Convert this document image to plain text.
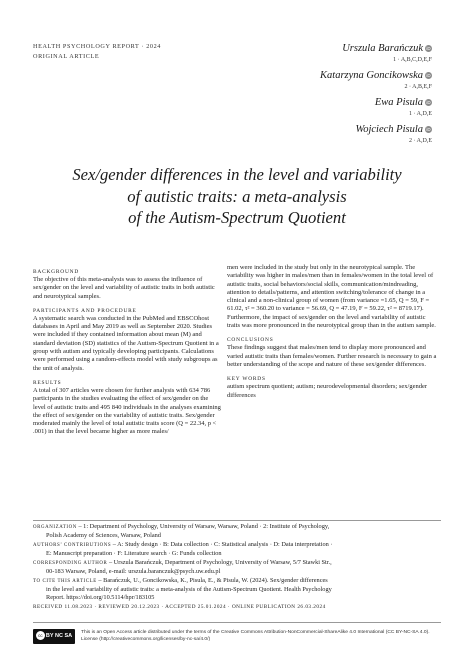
HEALTH PSYCHOLOGY REPORT · 2024
ORIGINAL ARTICLE
Urszula Barańczuk iD
1 · A,B,C,D,E,F
Katarzyna Goncikowska iD
2 · A,B,E,F
Ewa Pisula iD
1 · A,D,E
Wojciech Pisula iD
2 · A,D,E
Sex/gender differences in the level and variability
of autistic traits: a meta-analysis
of the Autism-Spectrum Quotient
BACKGROUND
The objective of this meta-analysis was to assess the influence of sex/gender on the level and variability of autistic traits in both autistic and neurotypical samples.
PARTICIPANTS AND PROCEDURE
A systematic search was conducted in the PubMed and EBSCOhost databases in April and May 2019 as well as September 2020. Studies were included if they contained information about mean (M) and standard deviation (SD) statistics of the Autism-Spectrum Quotient in a group with autism and typically developing participants. Calculations were performed using a random-effects model with study subgroups as the unit of analysis.
RESULTS
A total of 307 articles were chosen for further analysis with 634 786 participants in the studies evaluating the effect of sex/gender on the level of autistic traits and 495 840 individuals in the analyses examining the effect of sex/gender on the variability of autistic traits. Sex/gender moderated mainly the level of total autistic traits score (Q = 22.34, p < .001) in that the level became higher as more males/
men were included in the study but only in the neurotypical sample. The variability was higher in males/men than in females/women in the total level of autistic traits, social behaviors/social skills, communication/mindreading, attention to details/patterns, and attention switching/tolerance of change in a clinical and a non-clinical group of women (from variance =1.65, Q = 59, F = 61.02, τ² = 360.20 to variance = 56.69, Q = 47.19, F = 59.22, τ² = 8719.17). Furthermore, the impact of sex/gender on the level and variability of autistic traits was more pronounced in the neurotypical group than in the autism sample.
CONCLUSIONS
These findings suggest that males/men tend to display more pronounced and varied autistic traits than females/women. Further research is necessary to gain a better understanding of the scope and nature of these sex/gender differences.
KEY WORDS
autism spectrum quotient; autism; neurodevelopmental disorders; sex/gender differences
ORGANIZATION – 1: Department of Psychology, University of Warsaw, Warsaw, Poland · 2: Institute of Psychology,
Polish Academy of Sciences, Warsaw, Poland
AUTHORS’ CONTRIBUTIONS – A: Study design · B: Data collection · C: Statistical analysis · D: Data interpretation ·
E: Manuscript preparation · F: Literature search · G: Funds collection
CORRESPONDING AUTHOR – Urszula Barańczuk, Department of Psychology, University of Warsaw, 5/7 Stawki Str.,
00-183 Warsaw, Poland, e-mail: urszula.baranczuk@psych.uw.edu.pl
TO CITE THIS ARTICLE – Barańczuk, U., Goncikowska, K., Pisula, E., & Pisula, W. (2024). Sex/gender differences
in the level and variability of autistic traits: a meta-analysis of the Autism-Spectrum Quotient. Health Psychology
Report. https://doi.org/10.5114/hpr/183105
RECEIVED 11.08.2023 · REVIEWED 20.12.2023 · ACCEPTED 25.01.2024 · ONLINE PUBLICATION 26.03.2024
cc BY NC SA
This is an Open Access article distributed under the terms of the Creative Commons Attribution-NonCommercial-ShareAlike 4.0 International (CC BY-NC-SA 4.0). License (http://creativecommons.org/licenses/by-nc-sa/4.0/)
